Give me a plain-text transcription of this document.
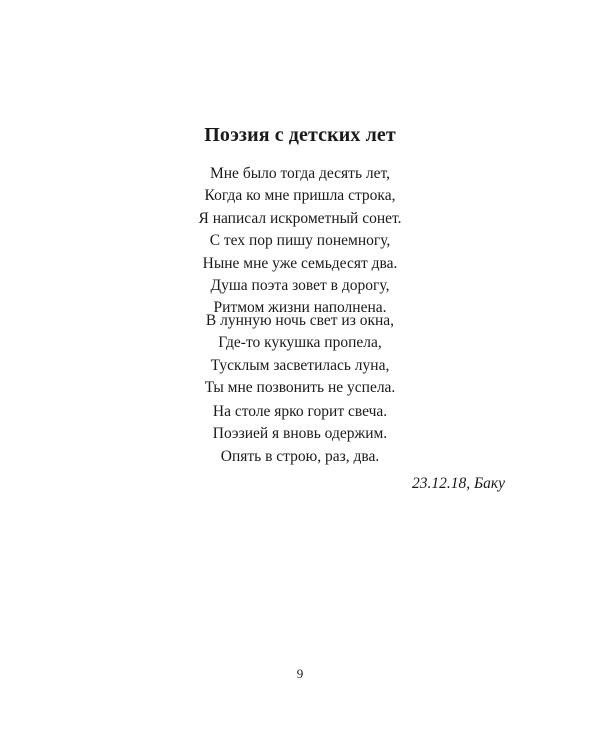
Поэзия с детских лет
Мне было тогда десять лет,
Когда ко мне пришла строка,
Я написал искрометный сонет.
С тех пор пишу понемногу,
Ныне мне уже семьдесят два.
Душа поэта зовет в дорогу,
Ритмом жизни наполнена.
В лунную ночь свет из окна,
Где-то кукушка пропела,
Тусклым засветилась луна,
Ты мне позвонить не успела.
На столе ярко горит свеча.
Поэзией я вновь одержим.
Опять в строю, раз, два.
23.12.18, Баку
9
